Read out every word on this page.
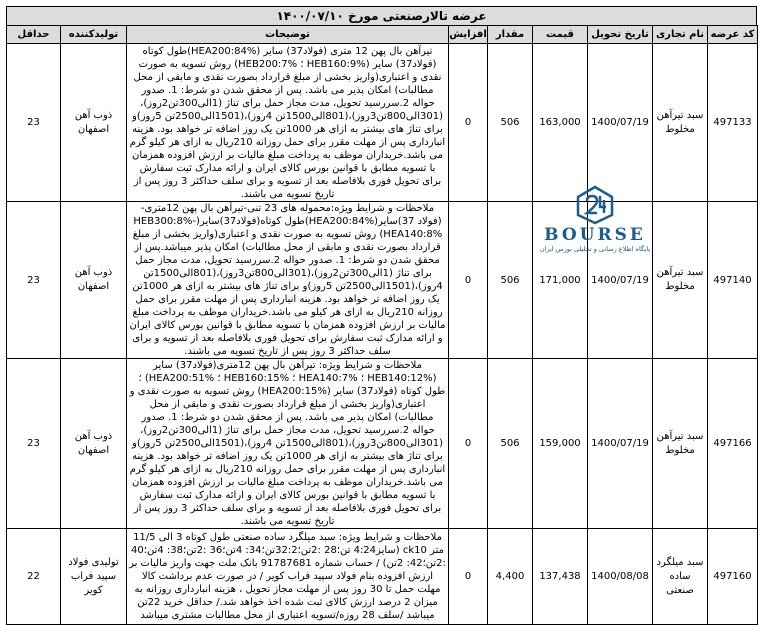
عرضه تالارصنعتی مورخ ۱۴۰۰/۰۷/۱۰
کد عرضه	نام تجاری	تاریخ تحویل	قیمت	مقدار	افزایش	توضیحات	تولیدکننده	حداقل
497133	سبد تیرآهن مخلوط	1400/07/19	163,000	506	0	تیرآهن بال پهن 12 متری (فولاد37) سایر (HEA200:84%)طول کوتاه (فولاد37) سایر (HEB160:9% ؛ HEB200:7%) روش تسویه به صورت نقدی و اعتباری(واریز بخشی از مبلغ قرارداد بصورت نقدی و مابقی از محل مطالبات) امکان پذیر می باشد. پس از محقق شدن دو شرط: 1. صدور حواله 2.سررسید تحویل، مدت مجاز حمل برای تناژ (1الی300تن2روز)،(301الی800تن3روز)،(801الی1500تن 4روز)،(1501الی2500تن 5روز)و برای تناژ های بیشتر به ازای هر 1000تن یک روز اضافه تر خواهد بود. هزینه انبارداری پس از مهلت مقرر برای حمل روزانه 210ریال به ازای هر کیلو گرم می باشد.خریداران موظف به پرداخت مبلغ مالیات بر ارزش افزوده همزمان با تسویه مطابق با قوانین بورس کالای ایران و ارائه مدارک ثبت سفارش برای تحویل فوری بلافاصله بعد از تسویه و برای سلف حداکثر 3 روز پس از تاریخ تسویه می باشند.	ذوب آهن اصفهان	23
497140	سبد تیرآهن مخلوط	1400/07/19	171,000	506	0	ملاحظات و شرایط ویژه:محموله های 23 تنی-تیرآهن بال پهن 12متری-(فولاد 37)سایر(HEA200:84%)طول کوتاه(فولاد37)سایر(HEB300:8%-HEA140:8%) روش تسویه به صورت نقدی و اعتباری(واریز بخشی از مبلغ قرارداد بصورت نقدی و مابقی از محل مطالبات) امکان پذیر میباشد.پس از محقق شدن دو شرط: 1. صدور حواله 2.سررسید تحویل، مدت مجاز حمل برای تناژ (1الی300تن2روز)،(301الی800تن3روز)،(801الی1500تن 4روز)،(1501الی2500تن 5روز)و برای تناژ های بیشتر به ازای هر 1000تن یک روز اضافه تر خواهد بود. هزینه انبارداری پس از مهلت مقرر برای حمل روزانه 210ریال به ازای هر کیلو می باشد.خریداران موظف به پرداخت مبلغ مالیات بر ارزش افزوده همزمان با تسویه مطابق با قوانین بورس کالای ایران و ارائه مدارک ثبت سفارش برای تحویل فوری بلافاصله بعد از تسویه و برای سلف حداکثر 3 روز پس از تاریخ تسویه می باشند.	ذوب آهن اصفهان	23
497166	سبد تیرآهن مخلوط	1400/07/19	159,000	506	0	ملاحظات و شرایط ویژه: تیرآهن بال پهن 12متری(فولاد37) سایر (HEB140:12% ؛ HEA140:7% ؛ HEB160:15% ؛ HEA200:51%) ؛ طول کوتاه (فولاد37) سایر (HEA200:15%) روش تسویه به صورت نقدی و اعتباری(واریز بخشی از مبلغ قرارداد بصورت نقدی و مابقی از محل مطالبات) امکان پذیر می باشد. پس از محقق شدن دو شرط: 1. صدور حواله 2.سررسید تحویل، مدت مجاز حمل برای تناژ (1الی300تن2روز)،(301الی800تن3روز)،(801الی1500تن 4روز)،(1501الی2500تن 5روز)و برای تناژ های بیشتر به ازای هر 1000تن یک روز اضافه تر خواهد بود. هزینه انبارداری پس از مهلت مقرر برای حمل روزانه 210ریال به ازای هر کیلو گرم می باشد.خریداران موظف به پرداخت مبلغ مالیات بر ارزش افزوده همزمان با تسویه مطابق با قوانین بورس کالای ایران و ارائه مدارک ثبت سفارش برای تحویل فوری بلافاصله بعد از تسویه و برای سلف حداکثر 3 روز پس از تاریخ تسویه می باشند.	ذوب آهن اصفهان	23
497160	سبد میلگرد ساده صنعتی	1400/08/08	137,438	4,400	0	ملاحظات و شرایط ویژه: سبد میلگرد ساده صنعتی طول کوتاه 3 الی 11/5 متر ck10 (سایز4:24 تن؛28 :2تن؛32:2تن؛34: 4تن؛36 :2تن؛38: 4تن؛40 :2تن؛42: 2تن) / حساب شماره 91787681 بانک ملت جهت واریز مالیات بر ارزش افزوده بنام فولاد سپید فراب کویر / در صورت عدم برداشت کالا مهلت حمل تا 30 روز پس از مهلت مجاز تحویل ، هزینه انبارداری روزانه به میزان 2 درصد ارزش کالای ثبت شده اخذ خواهد شد./ حداقل خرید 22تن میباشد /سلف 28 روزه/تسویه اعتباری از محل مطالبات مشتری میباشد	تولیدی فولاد سپید فراب کویر	22
BOURSE
پایگاه اطلاع رسانی و تحلیلی بورس ایران
